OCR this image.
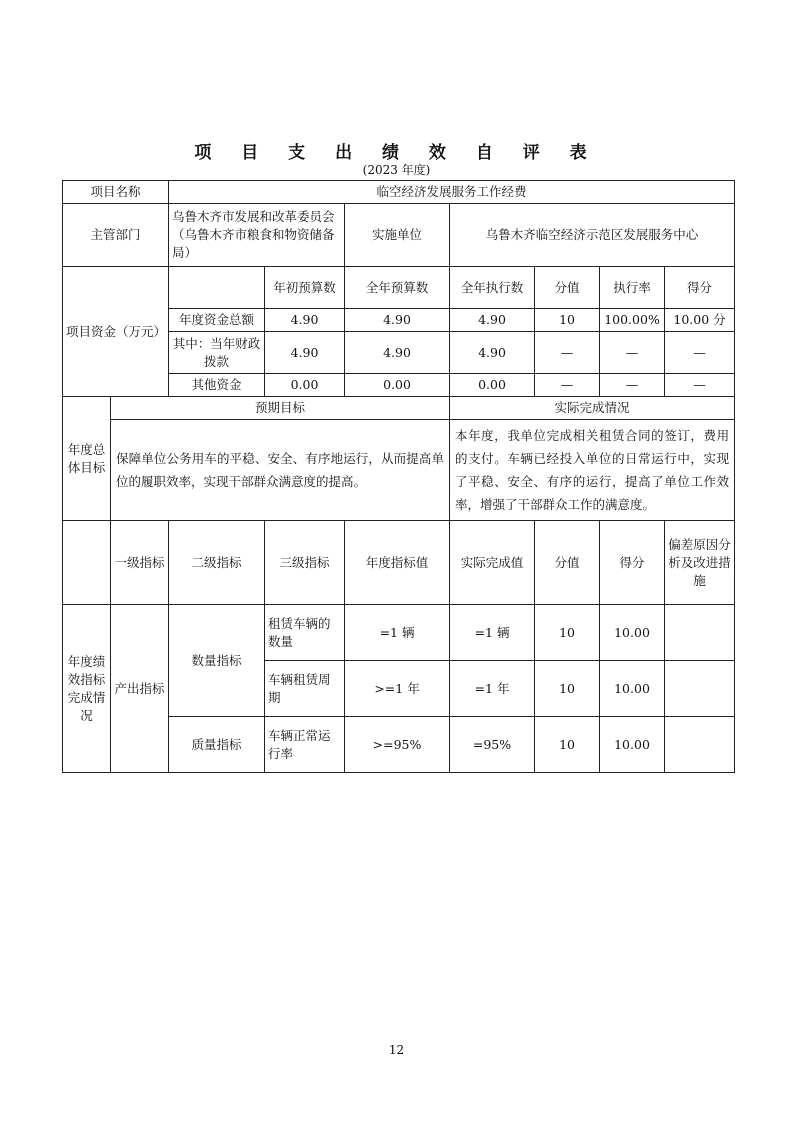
项 目 支 出 绩 效 自 评 表
(2023 年度)
项目名称		临空经济发展服务工作经费						
主管部门		乌鲁木齐市发展和改革委员会（乌鲁木齐市粮食和物资储备局）		实施单位	乌鲁木齐临空经济示范区发展服务中心			
项目资金（万元）			年初预算数	全年预算数	全年执行数	分值	执行率	得分
		年度资金总额	4.90	4.90	4.90	10	100.00%	10.00 分
		其中：当年财政拨款	4.90	4.90	4.90	—	—	—
		其他资金	0.00	0.00	0.00	—	—	—
年度总体目标	预期目标				实际完成情况			
	保障单位公务用车的平稳、安全、有序地运行，从而提高单位的履职效率，实现干部群众满意度的提高。				本年度，我单位完成相关租赁合同的签订，费用的支付。车辆已经投入单位的日常运行中，实现了平稳、安全、有序的运行，提高了单位工作效率，增强了干部群众工作的满意度。			
	一级指标	二级指标	三级指标	年度指标值	实际完成值	分值	得分	偏差原因分析及改进措施
年度绩效指标完成情况	产出指标	数量指标	租赁车辆的数量	=1 辆	=1 辆	10	10.00	
			车辆租赁周期	>=1 年	=1 年	10	10.00	
		质量指标	车辆正常运行率	>=95%	=95%	10	10.00	
12
